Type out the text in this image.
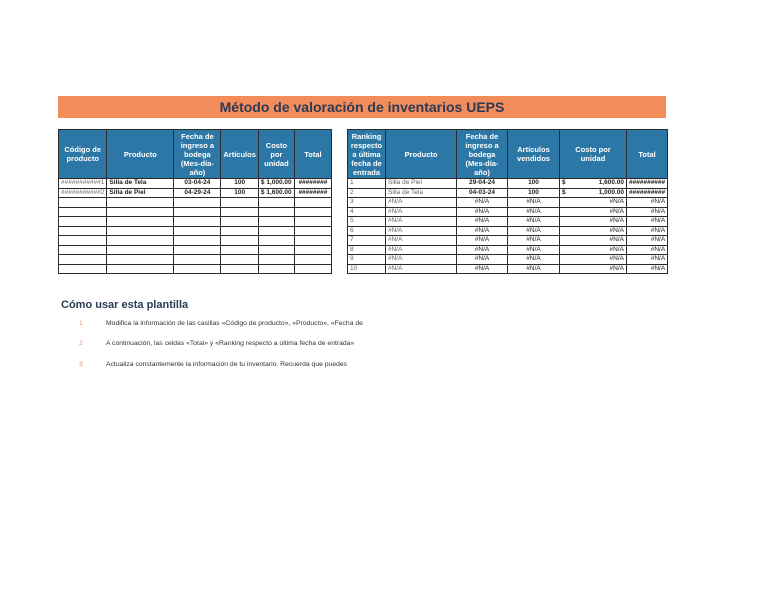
Método de valoración de inventarios UEPS
Código de producto	Producto	Fecha de ingreso a bodega (Mes-día-año)	Artículos	Costo por unidad	Total
###########1	Silla de Tela	03-04-24	100	$ 1,000.00	########
###########2	Silla de Piel	04-29-24	100	$ 1,600.00	########

Ranking respecto a última fecha de entrada	Producto	Fecha de ingreso a bodega (Mes-día-año)	Artículos vendidos	Costo por unidad	Total
1	Silla de Piel	29-04-24	100	$ 1,600.00	##########
2	Silla de Tela	04-03-24	100	$ 1,000.00	##########
3	#N/A	#N/A	#N/A	#N/A	#N/A
4	#N/A	#N/A	#N/A	#N/A	#N/A
5	#N/A	#N/A	#N/A	#N/A	#N/A
6	#N/A	#N/A	#N/A	#N/A	#N/A
7	#N/A	#N/A	#N/A	#N/A	#N/A
8	#N/A	#N/A	#N/A	#N/A	#N/A
9	#N/A	#N/A	#N/A	#N/A	#N/A
10	#N/A	#N/A	#N/A	#N/A	#N/A
Cómo usar esta plantilla
1	Modifica la información de las casillas «Código de producto», «Producto», «Fecha de
2	A continuación, las celdas «Total» y «Ranking respecto a última fecha de entrada»
3	Actualiza constantemente la información de tu inventario. Recuerda que puedes
